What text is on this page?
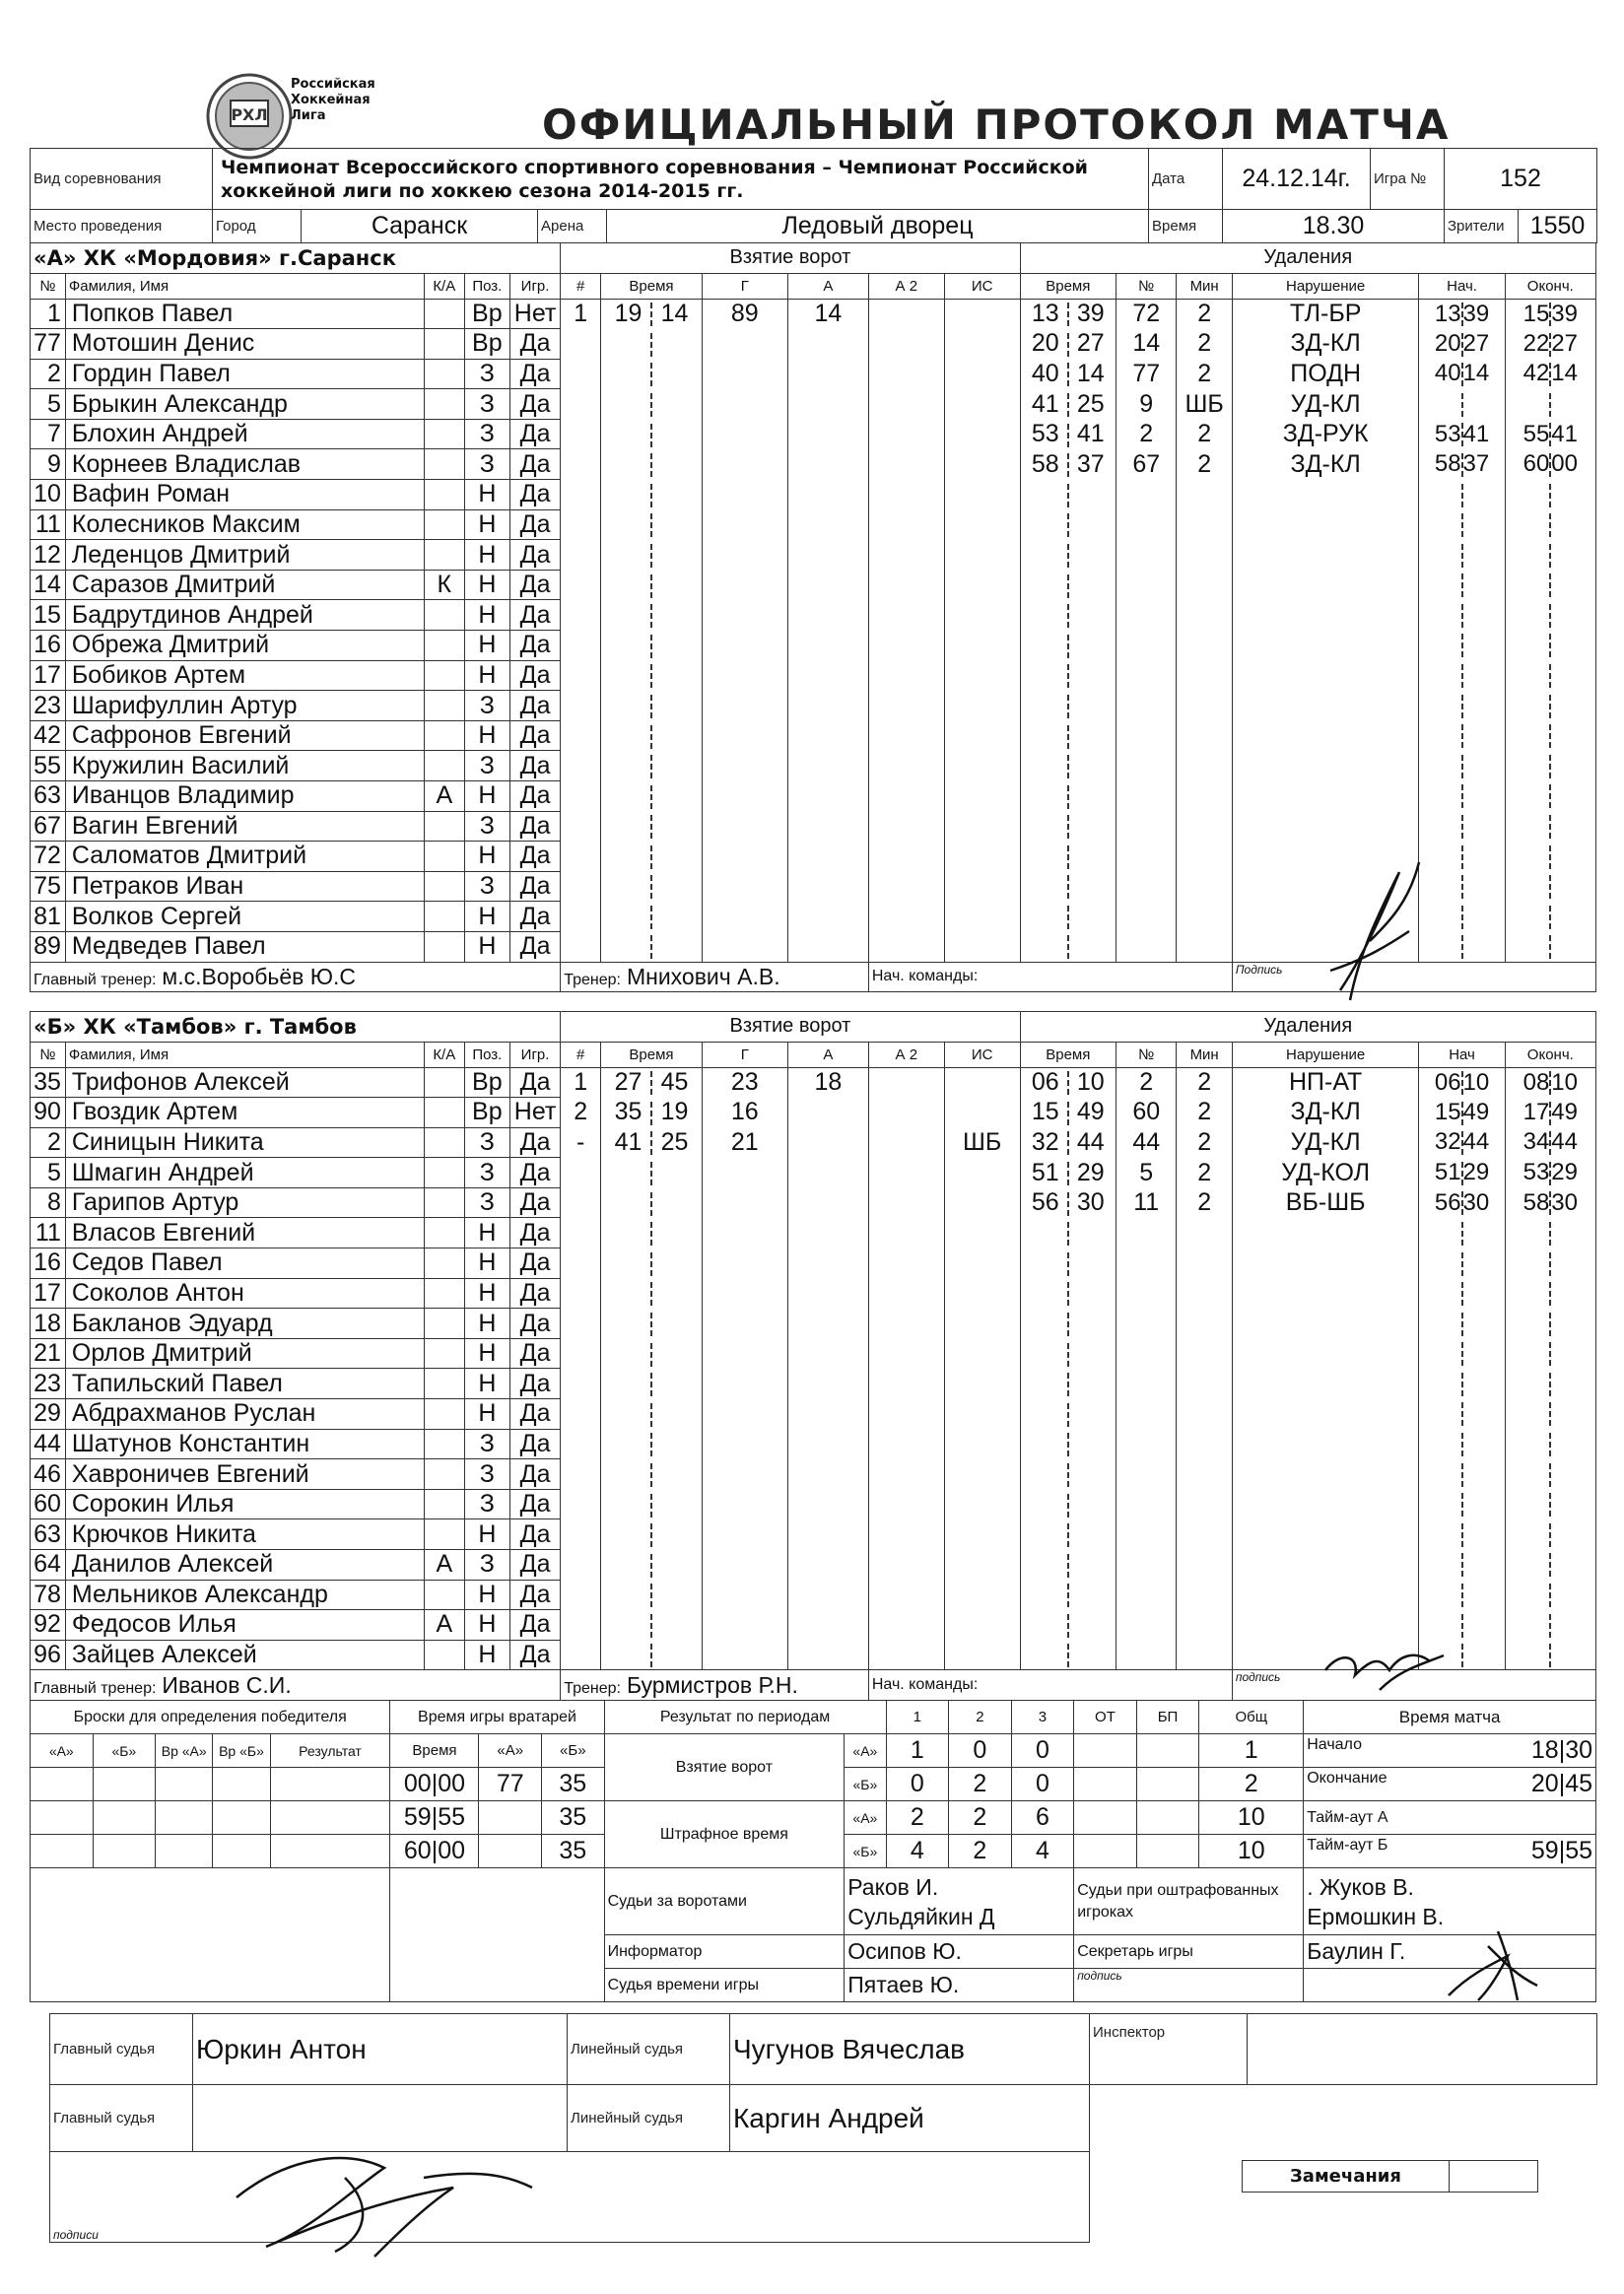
РХЛ
Российская
Хоккейная
Лига	ОФИЦИАЛЬНЫЙ ПРОТОКОЛ МАТЧА
Вид соревнования	Чемпионат Всероссийского спортивного соревнования – Чемпионат Российской хоккейной лиги по хоккею сезона 2014-2015 гг.	Дата	24.12.14г.	Игра №	152
Место проведения	Город	Саранск	Арена	Ледовый дворец	Время	18.30	Зрители	1550
«А» ХК «Мордовия» г.Саранск					Взятие ворот						Удаления					
№	Фамилия, Имя	К/А	Поз.	Игр.	#	Время	Г	А	А 2	ИС	Время	№	Мин	Нарушение	Нач.	Оконч.
1	Попков Павел		Вр	Нет	1	19 14	89	14			13 39	72	2	ТЛ-БР	1339	1539
77	Мотошин Денис		Вр	Да							20 27	14	2	ЗД-КЛ	2027	2227
2	Гордин Павел		З	Да							40 14	77	2	ПОДН	4014	4214
5	Брыкин Александр		З	Да							41 25	9	ШБ	УД-КЛ		
7	Блохин Андрей		З	Да							53 41	2	2	ЗД-РУК	5341	5541
9	Корнеев Владислав		З	Да							58 37	67	2	ЗД-КЛ	5837	6000
10	Вафин Роман		Н	Да												
11	Колесников Максим		Н	Да												
12	Леденцов Дмитрий		Н	Да												
14	Саразов Дмитрий	К	Н	Да												
15	Бадрутдинов Андрей		Н	Да												
16	Обрежа Дмитрий		Н	Да												
17	Бобиков Артем		Н	Да												
23	Шарифуллин Артур		З	Да												
42	Сафронов Евгений		Н	Да												
55	Кружилин Василий		З	Да												
63	Иванцов Владимир	А	Н	Да												
67	Вагин Евгений		З	Да												
72	Саломатов Дмитрий		Н	Да												
75	Петраков Иван		З	Да												
81	Волков Сергей		Н	Да												
89	Медведев Павел		Н	Да												
Главный тренер: м.с.Воробьёв Ю.С					Тренер: Мнихович А.В.				Нач. команды:					Подпись		
«Б» ХК «Тамбов» г. Тамбов					Взятие ворот						Удаления					
№	Фамилия, Имя	К/А	Поз.	Игр.	#	Время	Г	А	А 2	ИС	Время	№	Мин	Нарушение	Нач	Оконч.
35	Трифонов Алексей		Вр	Да	1	27 45	23	18			06 10	2	2	НП-АТ	0610	0810
90	Гвоздик Артем		Вр	Нет	2	35 19	16				15 49	60	2	ЗД-КЛ	1549	1749
2	Синицын Никита		З	Да	-	41 25	21			ШБ	32 44	44	2	УД-КЛ	3244	3444
5	Шмагин Андрей		З	Да							51 29	5	2	УД-КОЛ	5129	5329
8	Гарипов Артур		З	Да							56 30	11	2	ВБ-ШБ	5630	5830
11	Власов Евгений		Н	Да												
16	Седов Павел		Н	Да												
17	Соколов Антон		Н	Да												
18	Бакланов Эдуард		Н	Да												
21	Орлов Дмитрий		Н	Да												
23	Тапильский Павел		Н	Да												
29	Абдрахманов Руслан		Н	Да												
44	Шатунов Константин		З	Да												
46	Хавроничев Евгений		З	Да												
60	Сорокин Илья		З	Да												
63	Крючков Никита		Н	Да												
64	Данилов Алексей	А	З	Да												
78	Мельников Александр		Н	Да												
92	Федосов Илья	А	Н	Да												
96	Зайцев Алексей		Н	Да												
Главный тренер: Иванов С.И.					Тренер: Бурмистров Р.Н.				Нач. команды:					подпись		
Броски для определения победителя					Время игры вратарей			Результат по периодам		1	2	3	ОТ	БП	Общ	Время матча
«А»	«Б»	Вр «А»	Вр «Б»	Результат	Время	«А»	«Б»	Взятие ворот	«А»	1	0	0			1	Начало 18|30

					00|00	77	35		«Б»	0	2	0			2	Окончание 20|45

					59|55		35	Штрафное время	«А»	2	2	6			10	Тайм-аут А
					60|00		35		«Б»	4	2	4			10	Тайм-аут Б 59|55

								Судьи за воротами	Раков И.
Сульдяйкин Д				Судьи при оштрафованных игроках			. Жуков В.
Ермошкин В.
								Информатор	Осипов Ю.				Секретарь игры			Баулин Г.
								Судья времени игры	Пятаев Ю.				подпись			
Главный судья	Юркин Антон	Линейный судья	Чугунов Вячеслав
Главный судья		Линейный судья	Каргин Андрей
подписи			
Инспектор	
Замечания	
